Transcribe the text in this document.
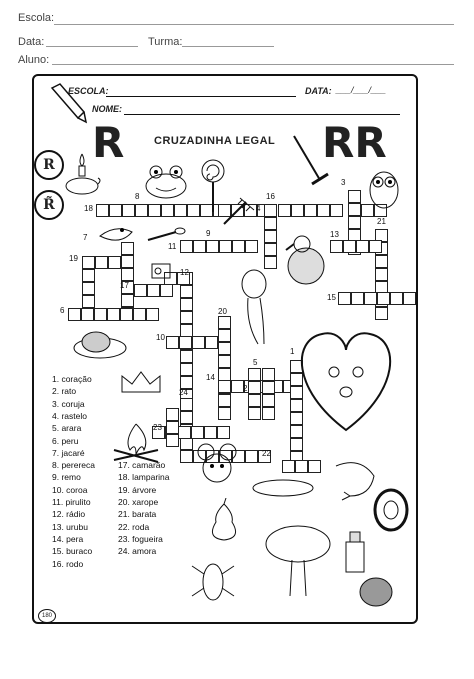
Escola:
Data:	Turma:
Aluno:
ESCOLA:	DATA: ___/___/___
NOME:
R	RR
CRUZADINHA LEGAL
R
R̃
1
2
3
4
5
6
7
8
9
10
11
12
13
14
15
16
17
18
19
20
21
22
23
24
1. coração
2. rato
3. coruja
4. rastelo
5. arara
6. peru
7. jacaré
8. perereca
9. remo
10. coroa
11. pirulito
12. rádio
13. urubu
14. pera
15. buraco
16. rodo
17. camarão
18. lamparina
19. árvore
20. xarope
21. barata
22. roda
23. fogueira
24. amora
180
